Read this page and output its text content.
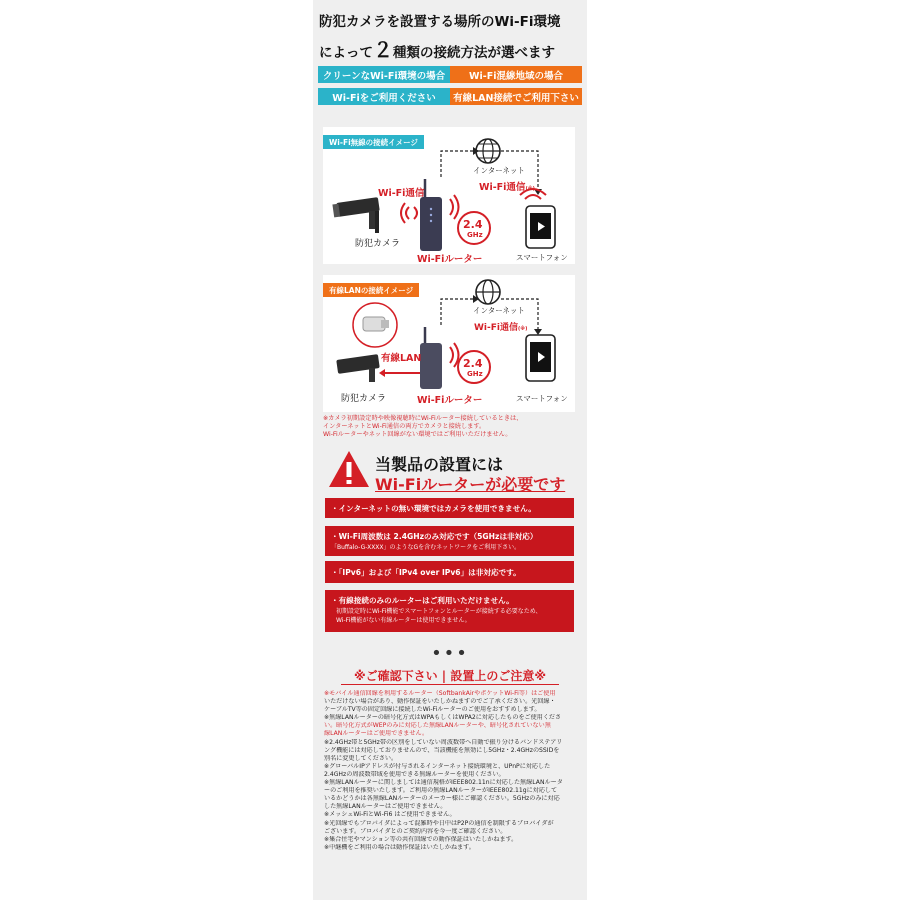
防犯カメラを設置する場所のWi-Fi環境
によって２種類の接続方法が選べます
クリーンなWi-Fi環境の場合	Wi-Fi混線地域の場合
Wi-Fiをご利用ください	有線LAN接続でご利用下さい
Wi-Fi無線の接続イメージ
インターネット
Wi-Fi通信
Wi-Fi通信(※)
防犯カメラ
2.4
GHz
Wi-Fiルーター	スマートフォン
有線LANの接続イメージ
インターネット
Wi-Fi通信(※)
有線LAN
防犯カメラ
2.4
GHz
Wi-Fiルーター	スマートフォン
※カメラ初期設定時や映像視聴時にWi-Fiルーター接続しているときは、
インターネットとWi-Fi通信の両方でカメラと接続します。
Wi-Fiルーターやネット回線がない環境ではご利用いただけません。
当製品の設置には
Wi-Fiルーターが必要です
・インターネットの無い環境ではカメラを使用できません。
・Wi-Fi周波数は 2.4GHzのみ対応です（5GHzは非対応）
「Buffalo-G-XXXX」のようなGを含むネットワークをご利用下さい。
・「IPv6」および「IPv4 over IPv6」は非対応です。
・有線接続のみのルーターはご利用いただけません。
初期設定時にWi-Fi機能でスマートフォンとルーターが接続する必要なため、
Wi-Fi機能がない有線ルーターは使用できません。
•••
※ご確認下さい | 設置上のご注意※
※モバイル通信回線を利用するルーター（SoftbankAirやポケットWi-Fi等）はご使用
いただけない場合があり、動作保証をいたしかねますのでご了承ください。光回線・
ケーブルTV等の固定回線に接続したWi-Fiルーターのご使用をおすすめします。
※無線LANルーターの暗号化方式はWPAもしくはWPA2に対応したものをご使用くださ
い。暗号化方式がWEPのみに対応した無線LANルーターや、暗号化されていない無
線LANルーターはご使用できません。
※2.4GHz帯と5GHz帯の区別をしていない周波数帯へ自動で振り分けるバンドステアリ
ング機能には対応しておりませんので、当該機能を無効にし5GHz・2.4GHzのSSIDを
別名に変更してください。
※グローバルIPアドレスが付与されるインターネット接続環境と、UPnPに対応した
2.4GHzの周波数帯域を使用できる無線ルーターを使用ください。
※無線LANルーターに関しましては通信規格がIEEE802.11nに対応した無線LANルータ
ーのご利用を推奨いたします。ご利用の無線LANルーターがIEEE802.11gに対応して
いるかどうかは各無線LANルーターのメーカー様にご確認ください。5GHzのみに対応
した無線LANルーターはご使用できません。
※メッシュWi-FiとWi-Fi6 はご使用できません。
※光回線でもプロバイダによって混雑時や日中はP2Pの通信を制限するプロバイダが
ございます。プロバイダとのご契約内容を今一度ご確認ください。
※集合住宅やマンション等の共有回線での動作保証はいたしかねます。
※中継機をご利用の場合は動作保証はいたしかねます。
